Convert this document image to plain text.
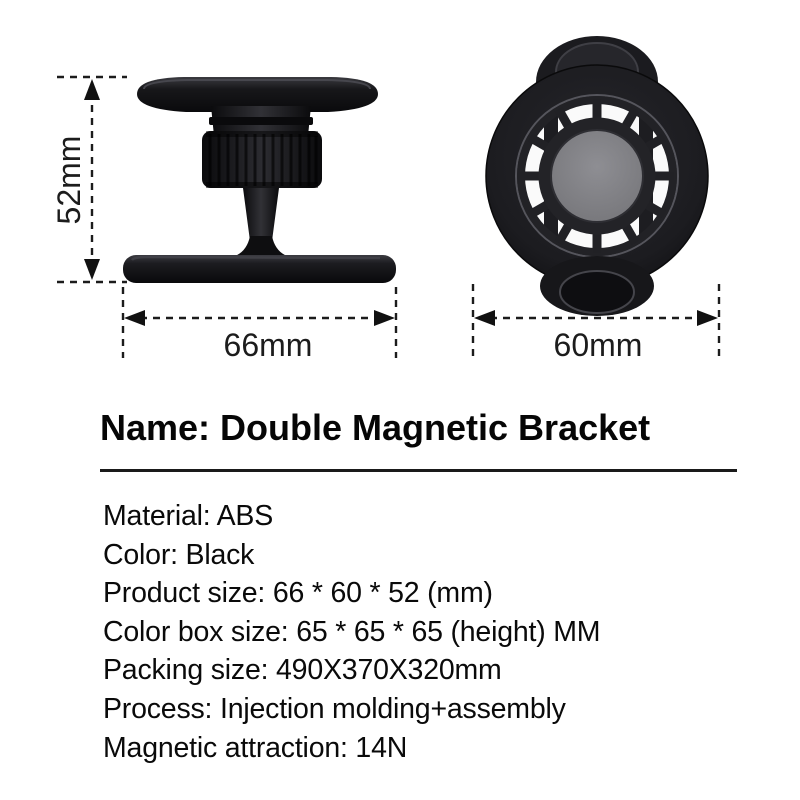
52mm
66mm	60mm
Name: Double Magnetic Bracket
Material: ABS
Color: Black
Product size: 66 * 60 * 52 (mm)
Color box size: 65 * 65 * 65 (height) MM
Packing size: 490X370X320mm
Process: Injection molding+assembly
Magnetic attraction: 14N
